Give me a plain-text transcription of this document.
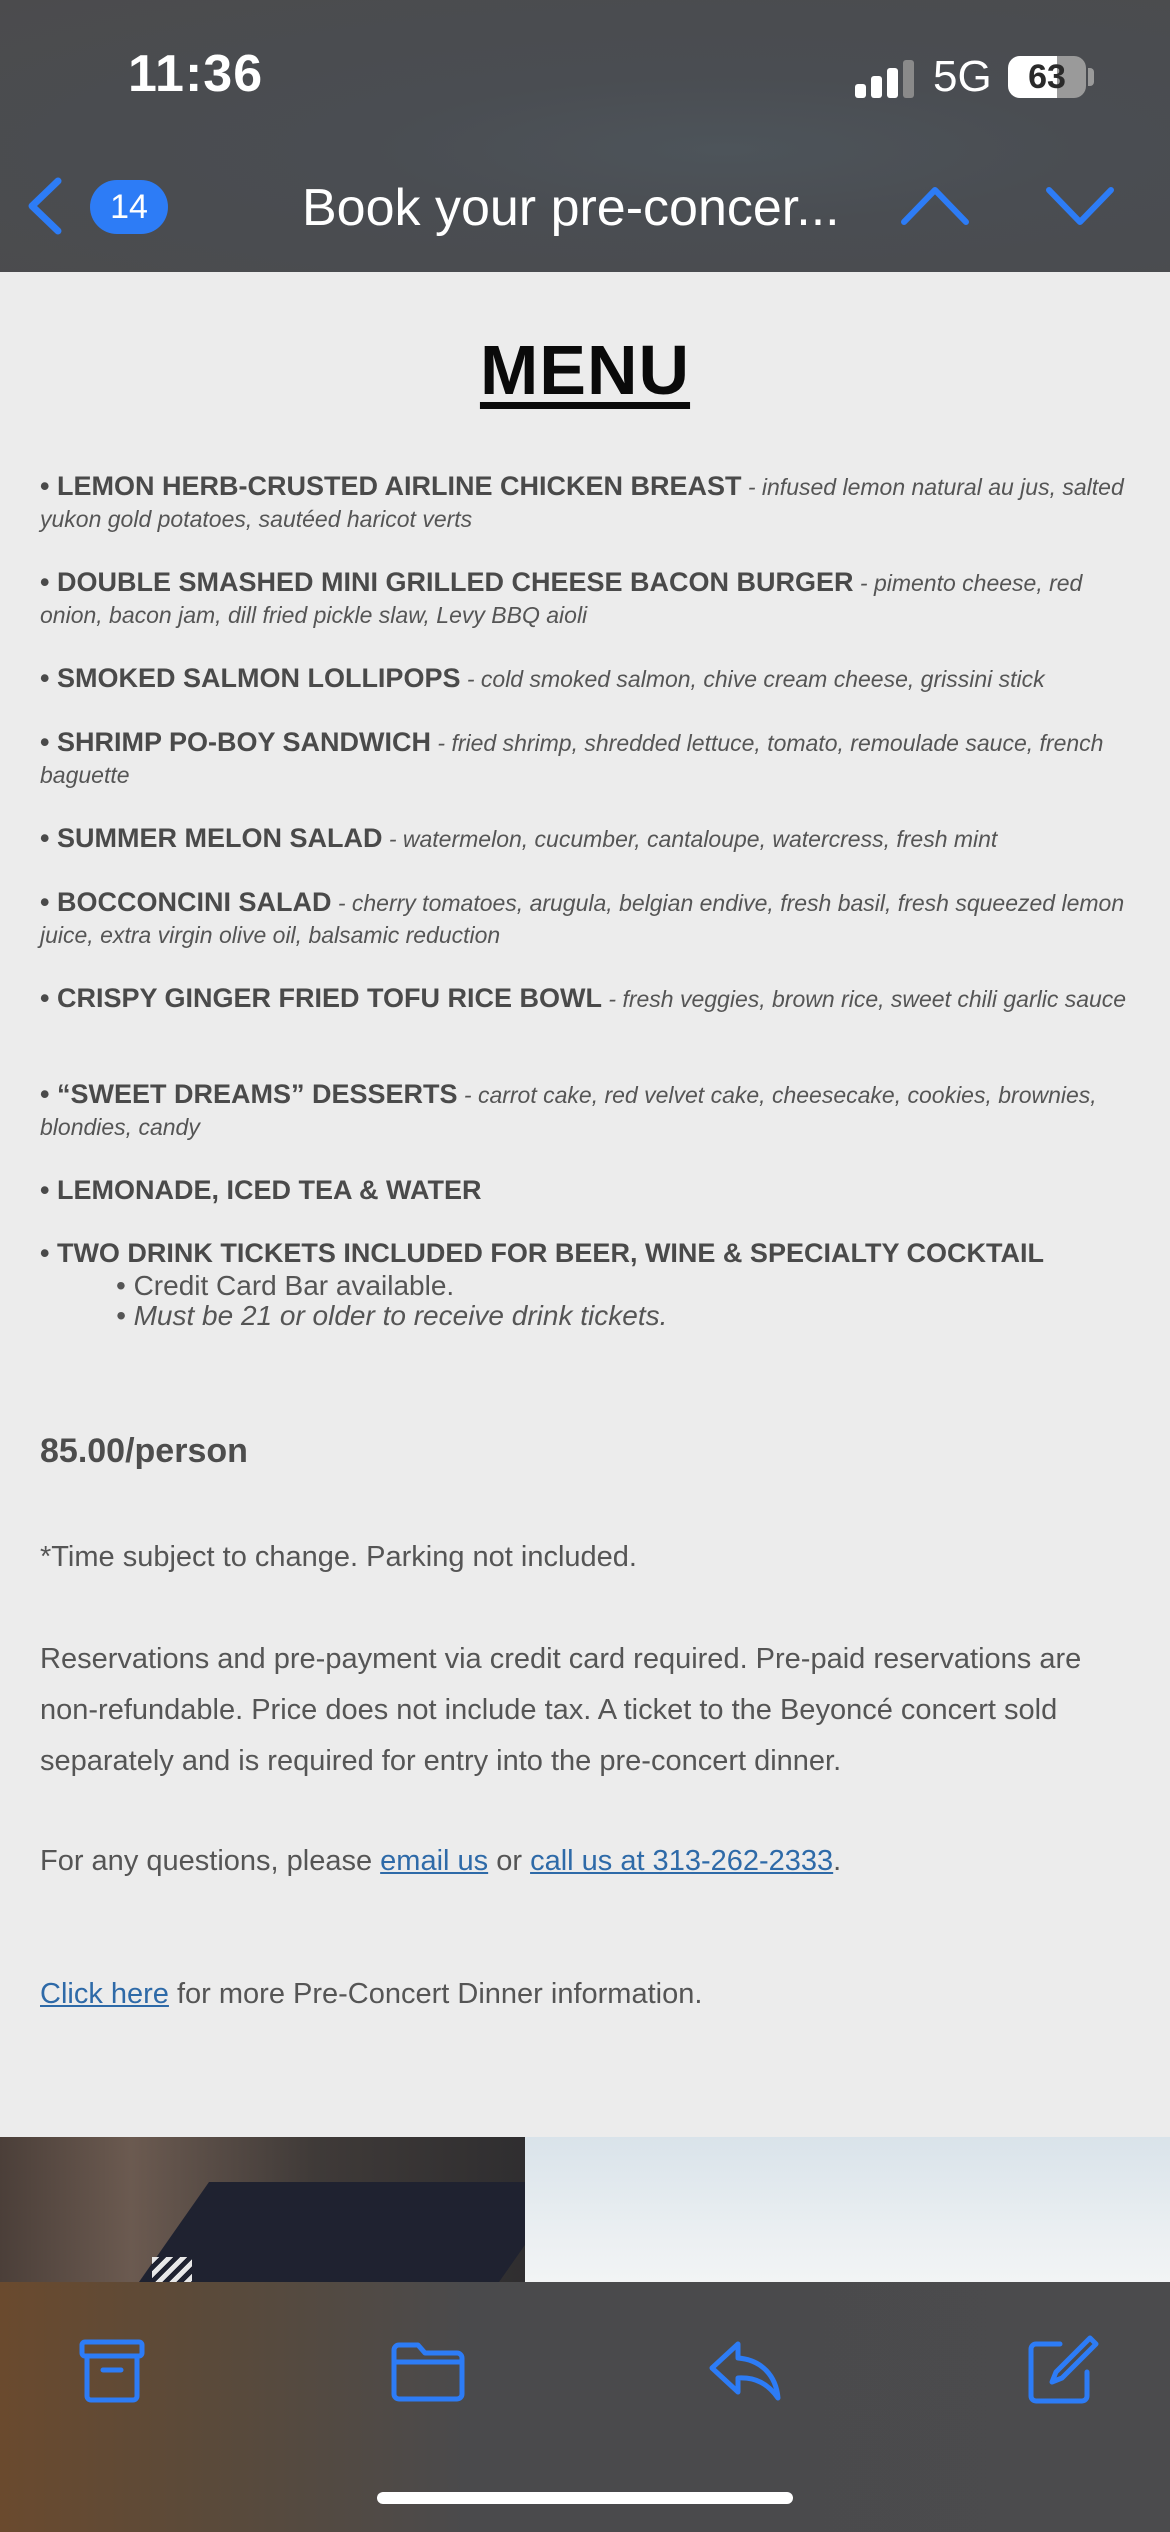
11:36	5G	63
14	Book your pre-concer...
MENU
• LEMON HERB-CRUSTED AIRLINE CHICKEN BREAST - infused lemon natural au jus, salted yukon gold potatoes, sautéed haricot verts
• DOUBLE SMASHED MINI GRILLED CHEESE BACON BURGER - pimento cheese, red onion, bacon jam, dill fried pickle slaw, Levy BBQ aioli
• SMOKED SALMON LOLLIPOPS - cold smoked salmon, chive cream cheese, grissini stick
• SHRIMP PO-BOY SANDWICH - fried shrimp, shredded lettuce, tomato, remoulade sauce, french baguette
• SUMMER MELON SALAD - watermelon, cucumber, cantaloupe, watercress, fresh mint
• BOCCONCINI SALAD - cherry tomatoes, arugula, belgian endive, fresh basil, fresh squeezed lemon juice, extra virgin olive oil, balsamic reduction
• CRISPY GINGER FRIED TOFU RICE BOWL - fresh veggies, brown rice, sweet chili garlic sauce
• “SWEET DREAMS” DESSERTS - carrot cake, red velvet cake, cheesecake, cookies, brownies, blondies, candy
• LEMONADE, ICED TEA & WATER
• TWO DRINK TICKETS INCLUDED FOR BEER, WINE & SPECIALTY COCKTAIL
• Credit Card Bar available.
• Must be 21 or older to receive drink tickets.
85.00/person
*Time subject to change. Parking not included.
Reservations and pre-payment via credit card required. Pre-paid reservations are non-refundable. Price does not include tax. A ticket to the Beyoncé concert sold separately and is required for entry into the pre-concert dinner.
For any questions, please email us or call us at 313-262-2333.
Click here for more Pre-Concert Dinner information.
